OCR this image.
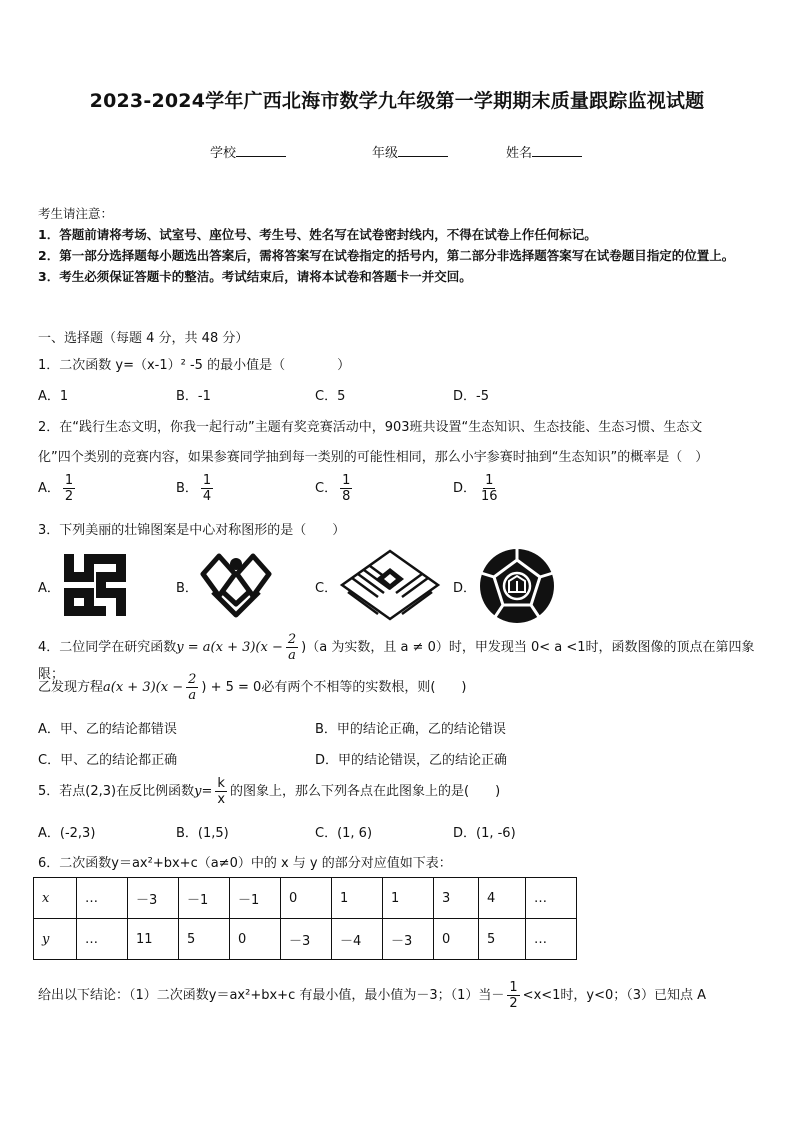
2023-2024学年广西北海市数学九年级第一学期期末质量跟踪监视试题
学校	年级	姓名
考生请注意：
1．答题前请将考场、试室号、座位号、考生号、姓名写在试卷密封线内，不得在试卷上作任何标记。
2．第一部分选择题每小题选出答案后，需将答案写在试卷指定的括号内，第二部分非选择题答案写在试卷题目指定的位置上。
3．考生必须保证答题卡的整洁。考试结束后，请将本试卷和答题卡一并交回。
一、选择题（每题 4 分，共 48 分）
1．二次函数 y=（x-1）² -5 的最小值是（　　　　）
A．1	B．-1	C．5	D．-5
2．在“践行生态文明，你我一起行动”主题有奖竞赛活动中，903班共设置“生态知识、生态技能、生态习惯、生态文
化”四个类别的竞赛内容，如果参赛同学抽到每一类别的可能性相同，那么小宇参赛时抽到“生态知识”的概率是（　）
A． $\frac{1}{2}$	B． $\frac{1}{4}$	C． $\frac{1}{8}$	D． $\frac{1}{16}$
3．下列美丽的壮锦图案是中心对称图形的是（　　）
A．	B．	C．	D．
4．二位同学在研究函数$y = a(x + 3)(x - \frac{2}{a} )(a$ 为实数，且 a ≠ 0）时，甲发现当 0< a <1时，函数图像的顶点在第四象限；
乙发现方程$a(x + 3)(x - \frac{2}{a}$ ) + 5 = 0必有两个不相等的实数根，则(　　)
A．甲、乙的结论都错误	B．甲的结论正确，乙的结论错误
C．甲、乙的结论都正确	D．甲的结论错误，乙的结论正确
5．若点(2,3)在反比例函数$y= \frac{k}{x}$ 的图象上，那么下列各点在此图象上的是(　　)
A．(-2,3)	B．(1,5)	C．(1, 6)	D．(1, -6)
6．二次函数y＝ax²+bx+c（a≠0）中的 x 与 y 的部分对应值如下表：
x	…	－3	－1	－1	0	1	1	3	4	…
y	…	11	5	0	－3	－4	－3	0	5	…
给出以下结论：（1）二次函数y＝ax²+bx+c 有最小值，最小值为－3；（1）当－ $\frac{1}{2} <x<1$时，y<0；（3）已知点 A
